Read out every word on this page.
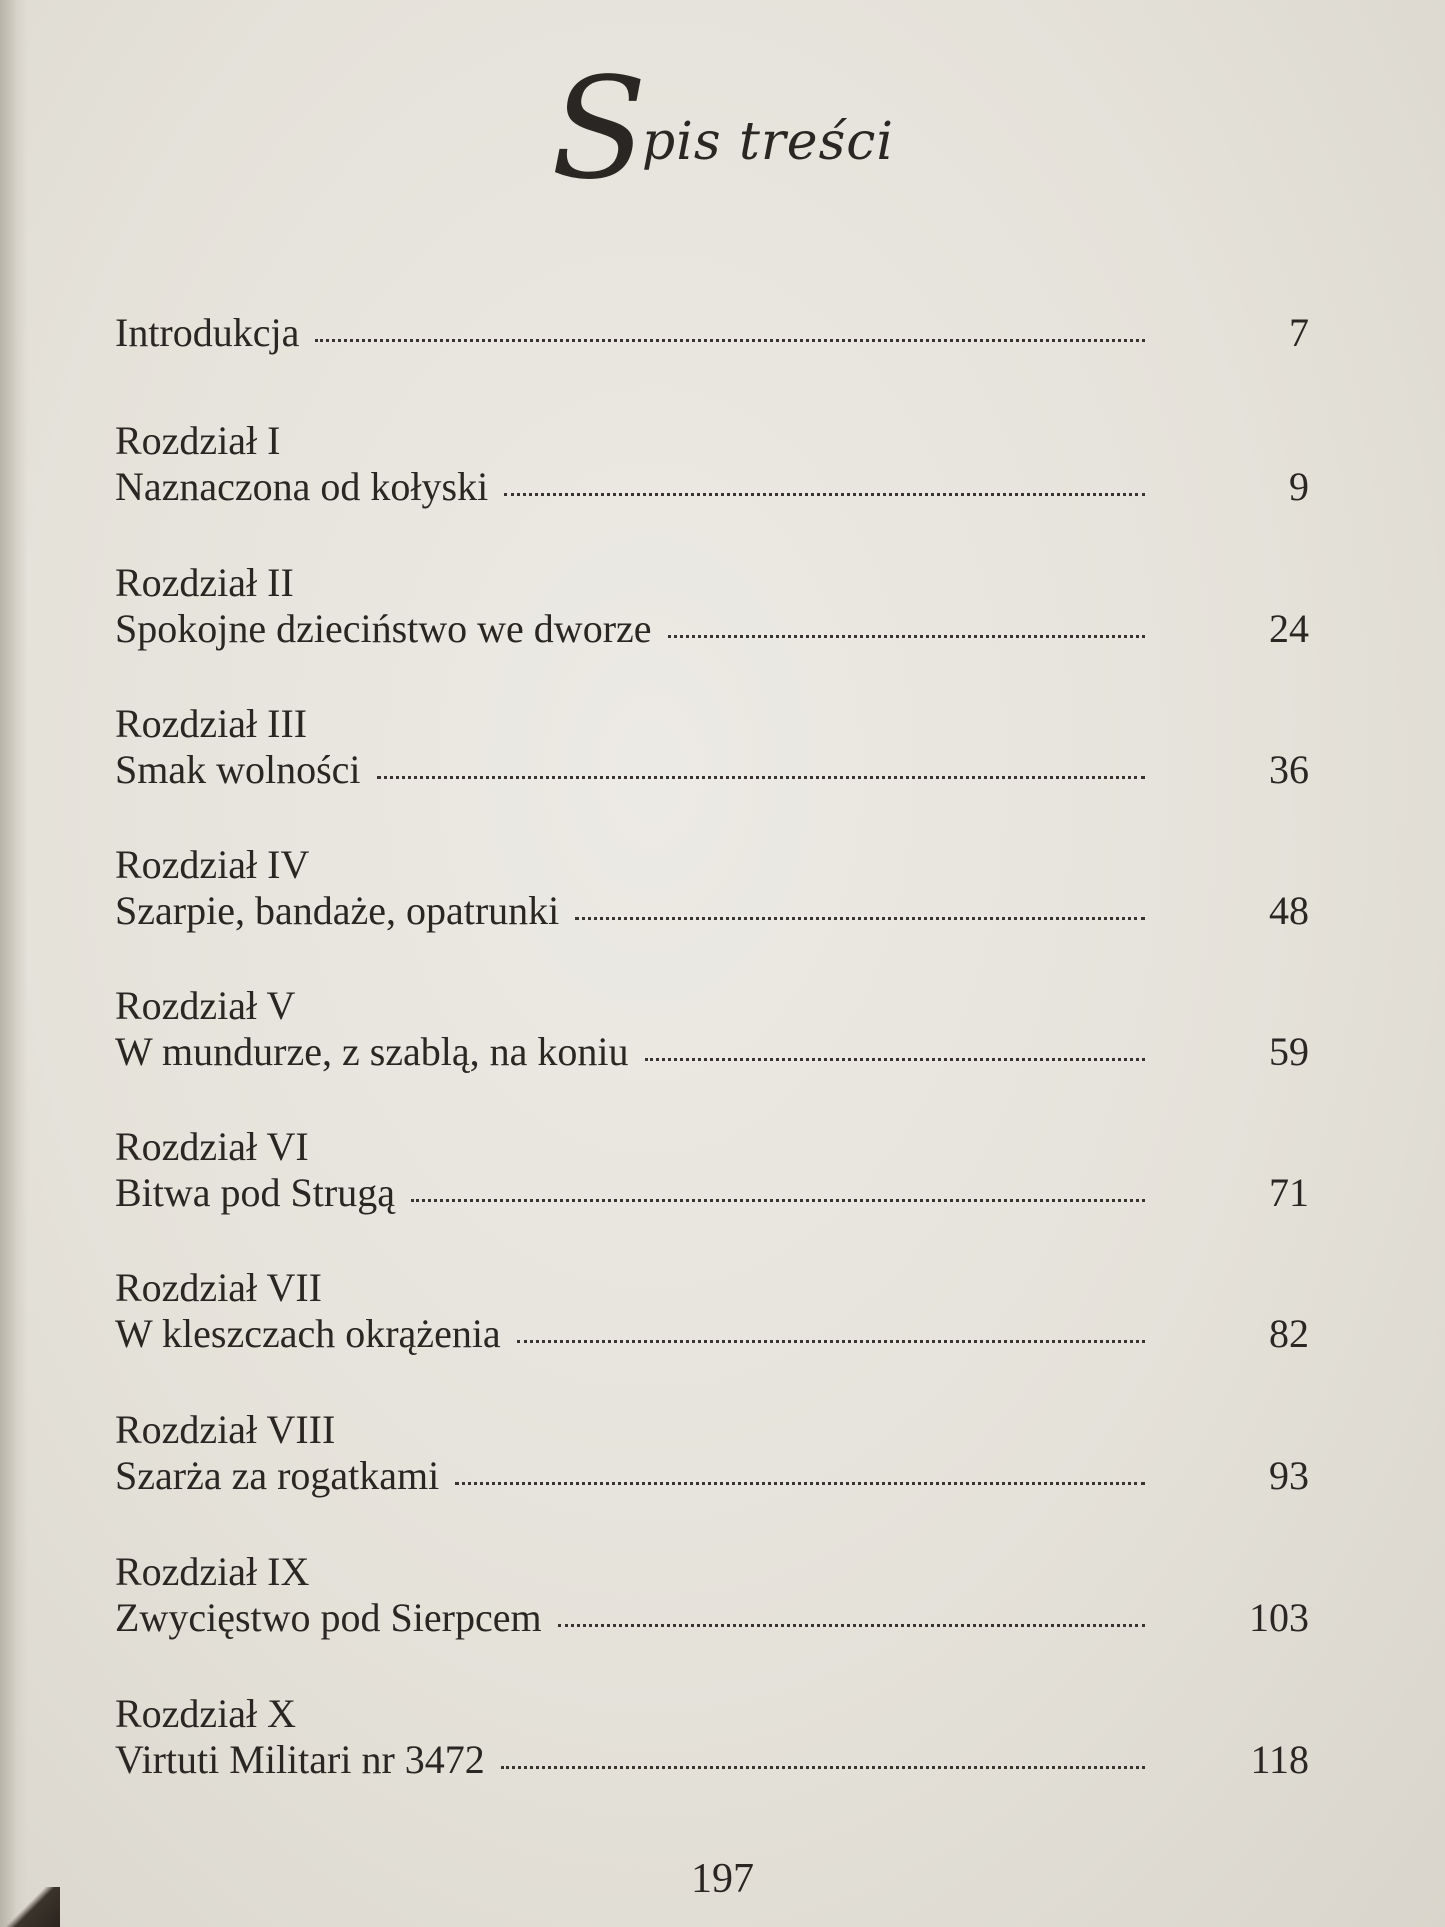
Spis treści
Introdukcja	7
Rozdział I
Naznaczona od kołyski	9
Rozdział II
Spokojne dzieciństwo we dworze	24
Rozdział III
Smak wolności	36
Rozdział IV
Szarpie, bandaże, opatrunki	48
Rozdział V
W mundurze, z szablą, na koniu	59
Rozdział VI
Bitwa pod Strugą	71
Rozdział VII
W kleszczach okrążenia	82
Rozdział VIII
Szarża za rogatkami	93
Rozdział IX
Zwycięstwo pod Sierpcem	103
Rozdział X
Virtuti Militari nr 3472	118
197
